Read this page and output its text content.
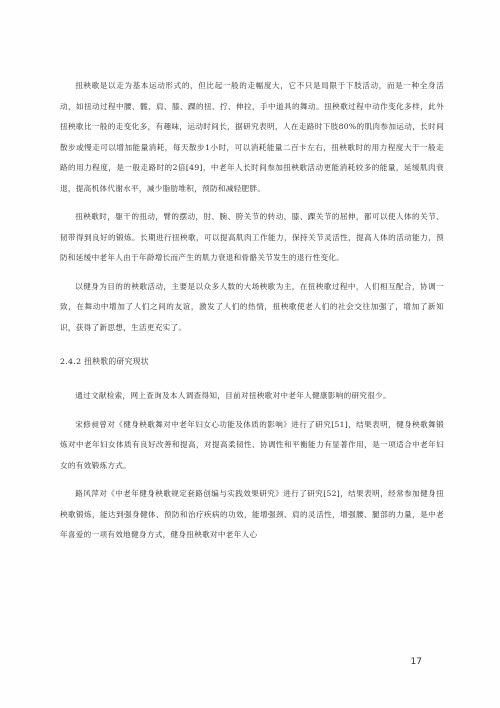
扭秧歌是以走为基本运动形式的，但比起一般的走幅度大，它不只是局限于下肢活动，而是一种全身活动，如扭动过程中腰、髋、肩、膝、踝的扭、拧、伸拉，手中道具的舞动。扭秧歌过程中动作变化多样，此外扭秧歌比一般的走变化多，有趣味，运动时间长，据研究表明，人在走路时下肢80%的肌肉参加运动，长时间散步或慢走可以增加能量消耗，每天散步1小时，可以消耗能量二百卡左右，扭秧歌时的用力程度大于一般走路的用力程度，是一般走路时的2倍[49]，中老年人长时间参加扭秧歌活动更能消耗较多的能量，延缓肌肉衰退，提高机体代谢水平，减少脂肪堆积，预防和减轻肥胖。

扭秧歌时，躯干的扭动，臂的摆动，肘、腕、胯关节的转动，膝、踝关节的屈伸，都可以使人体的关节、韧带得到良好的锻炼。长期进行扭秧歌，可以提高肌肉工作能力，保持关节灵活性，提高人体的活动能力，预防和延缓中老年人由于年龄增长而产生的肌力衰退和骨骼关节发生的退行性变化。

以健身为目的的秧歌活动，主要是以众多人数的大场秧歌为主，在扭秧歌过程中，人们相互配合，协调一致，在舞动中增加了人们之间的友谊，激发了人们的热情，扭秧歌使老人们的社会交往加强了，增加了新知识，获得了新思想，生活更充实了。

2.4.2 扭秧歌的研究现状

通过文献检索，网上查询及本人调查得知，目前对扭秧歌对中老年人健康影响的研究很少。

宋修昶曾对《健身秧歌舞对中老年妇女心功能及体质的影响》进行了研究[51]，结果表明，健身秧歌舞锻炼对中老年妇女体质有良好改善和提高，对提高柔韧性、协调性和平衡能力有显著作用，是一项适合中老年妇女的有效锻炼方式。

路风萍对《中老年健身秧歌规定套路创编与实践效果研究》进行了研究[52]，结果表明，经常参加健身扭秧歌锻炼，能达到强身健体、预防和治疗疾病的功效，能增强颈、肩的灵活性，增强腰、腿部的力量，是中老年喜爱的一项有效地健身方式，健身扭秧歌对中老年人心

17
